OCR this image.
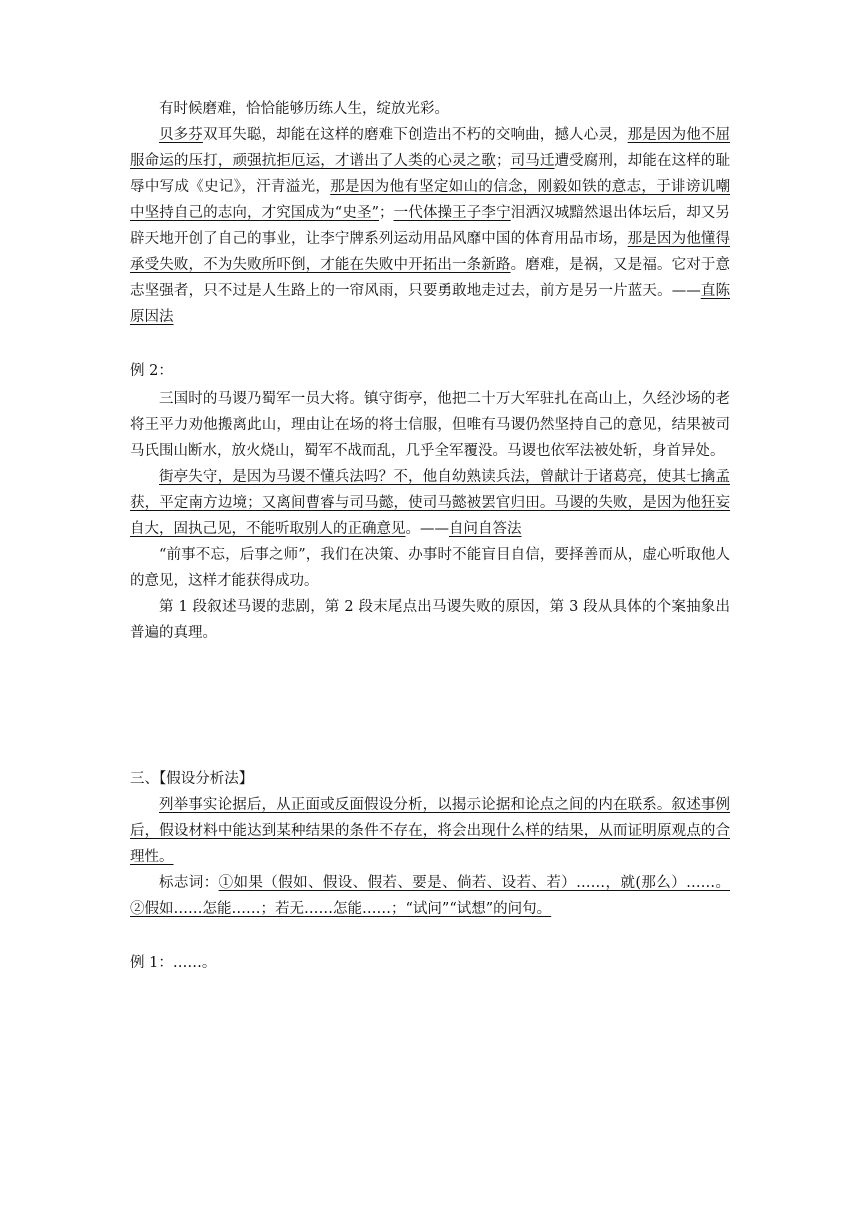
有时候磨难，恰恰能够历练人生，绽放光彩。

贝多芬双耳失聪，却能在这样的磨难下创造出不朽的交响曲，撼人心灵，那是因为他不屈服命运的压打，顽强抗拒厄运，才谱出了人类的心灵之歌；司马迁遭受腐刑，却能在这样的耻辱中写成《史记》，汗青溢光，那是因为他有坚定如山的信念，刚毅如铁的意志，于诽谤讥嘲中坚持自己的志向，才究国成为“史圣”；一代体操王子李宁泪洒汉城黯然退出体坛后，却又另辟天地开创了自己的事业，让李宁牌系列运动用品风靡中国的体育用品市场，那是因为他懂得承受失败，不为失败所吓倒，才能在失败中开拓出一条新路。磨难，是祸，又是福。它对于意志坚强者，只不过是人生路上的一帘风雨，只要勇敢地走过去，前方是另一片蓝天。——直陈原因法

例 2：

三国时的马谡乃蜀军一员大将。镇守街亭，他把二十万大军驻扎在高山上，久经沙场的老将王平力劝他搬离此山，理由让在场的将士信服，但唯有马谡仍然坚持自己的意见，结果被司马氏围山断水，放火烧山，蜀军不战而乱，几乎全军覆没。马谡也依军法被处斩，身首异处。

街亭失守，是因为马谡不懂兵法吗？不，他自幼熟读兵法，曾献计于诸葛亮，使其七擒孟获，平定南方边境；又离间曹睿与司马懿，使司马懿被罢官归田。马谡的失败，是因为他狂妄自大，固执己见，不能听取别人的正确意见。——自问自答法

“前事不忘，后事之师”，我们在决策、办事时不能盲目自信，要择善而从，虚心听取他人的意见，这样才能获得成功。

第 1 段叙述马谡的悲剧，第 2 段末尾点出马谡失败的原因，第 3 段从具体的个案抽象出普遍的真理。

三、【假设分析法】

列举事实论据后，从正面或反面假设分析，以揭示论据和论点之间的内在联系。叙述事例后，假设材料中能达到某种结果的条件不存在，将会出现什么样的结果，从而证明原观点的合理性。

标志词：①如果（假如、假设、假若、要是、倘若、设若、若）……，就(那么）……。②假如……怎能……；若无……怎能……；“试问”“试想”的问句。

例 1：……。
